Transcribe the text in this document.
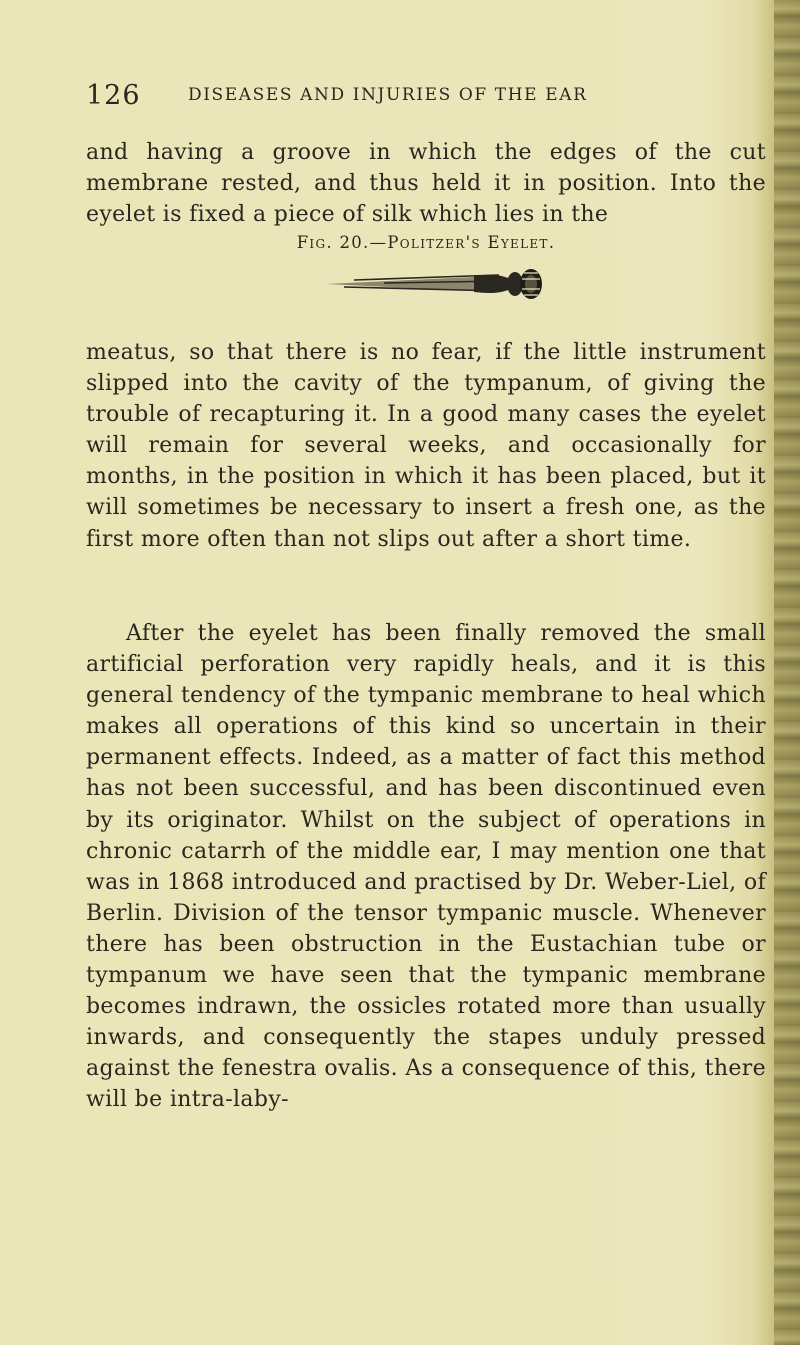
126	DISEASES AND INJURIES OF THE EAR

and having a groove in which the edges of the cut membrane rested, and thus held it in position. Into the eyelet is fixed a piece of silk which lies in the

Fig. 20.—Politzer's Eyelet.

meatus, so that there is no fear, if the little instrument slipped into the cavity of the tympanum, of giving the trouble of recapturing it. In a good many cases the eyelet will remain for several weeks, and occasionally for months, in the position in which it has been placed, but it will sometimes be necessary to insert a fresh one, as the first more often than not slips out after a short time.

After the eyelet has been finally removed the small artificial perforation very rapidly heals, and it is this general tendency of the tympanic membrane to heal which makes all operations of this kind so uncertain in their permanent effects. Indeed, as a matter of fact this method has not been successful, and has been discontinued even by its originator. Whilst on the subject of operations in chronic catarrh of the middle ear, I may mention one that was in 1868 introduced and practised by Dr. Weber-Liel, of Berlin. Division of the tensor tympanic muscle. Whenever there has been obstruction in the Eustachian tube or tympanum we have seen that the tympanic membrane becomes indrawn, the ossicles rotated more than usually inwards, and consequently the stapes unduly pressed against the fenestra ovalis. As a consequence of this, there will be intra-laby-
